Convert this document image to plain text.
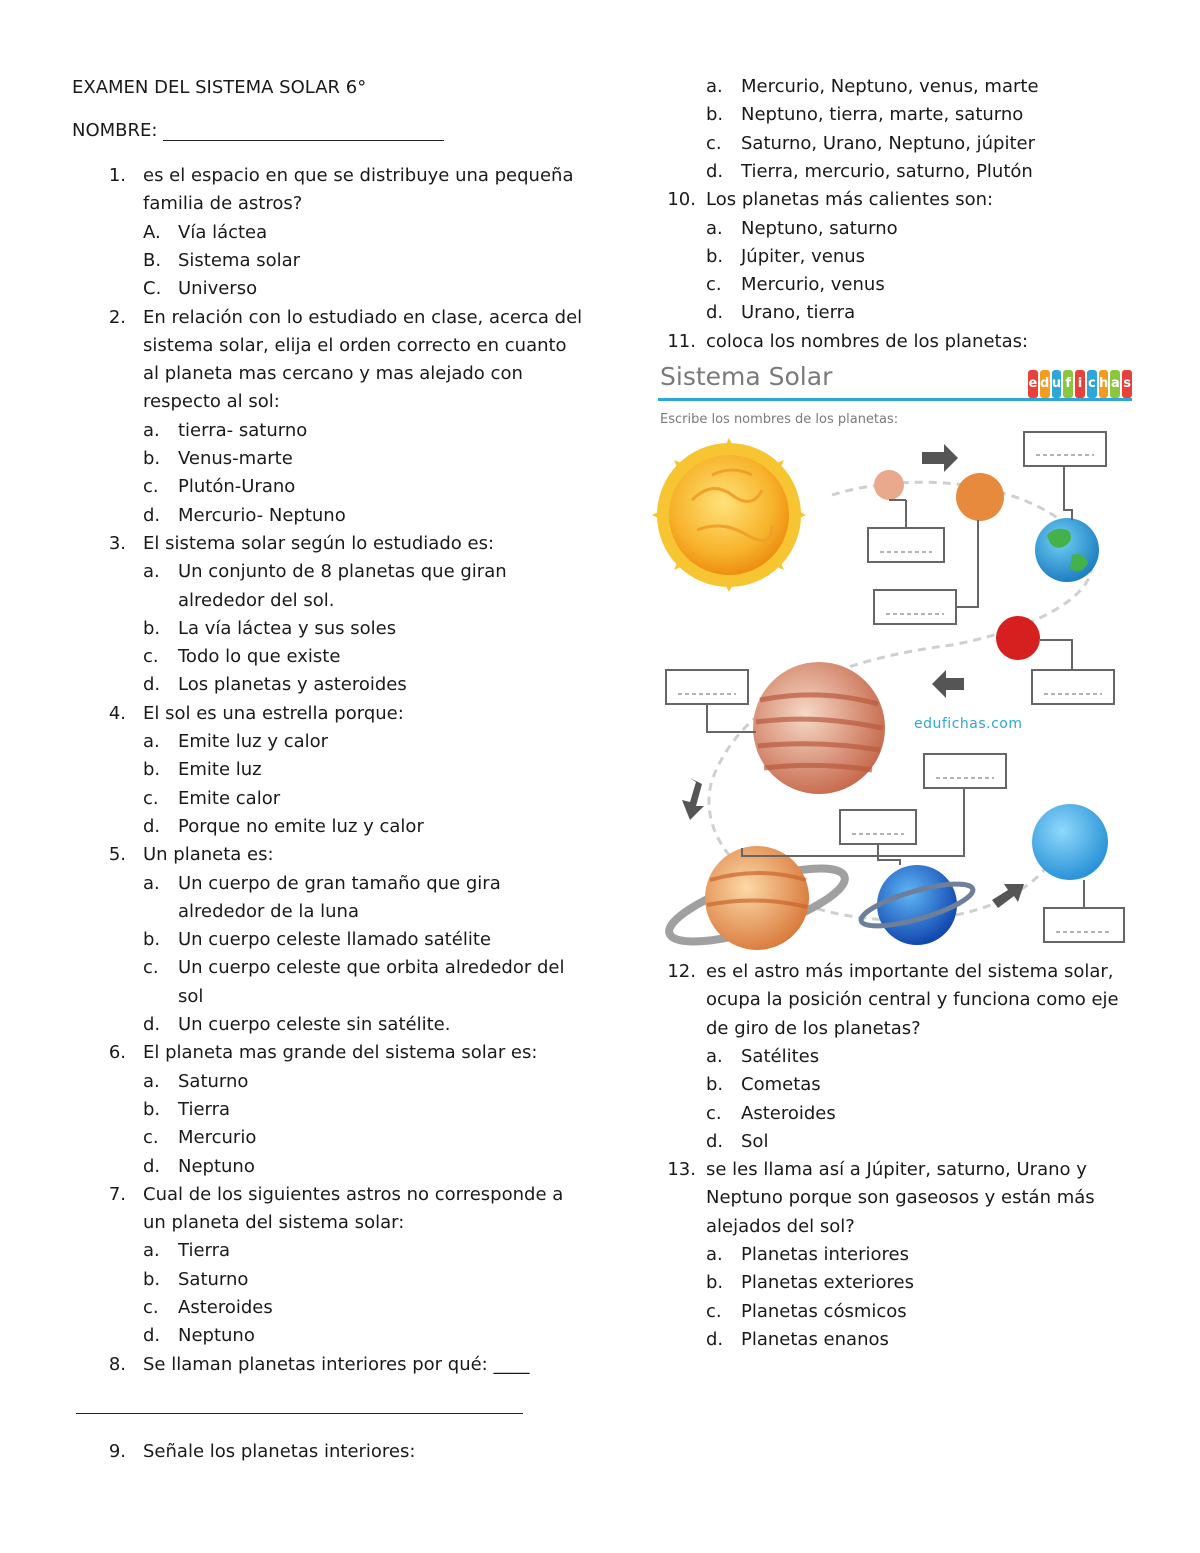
Sistema Solar	e d u f i c h a s
Escribe los nombres de los planetas:
edufichas.com
EXAMEN DEL SISTEMA SOLAR 6°
NOMBRE:
1. es el espacio en que se distribuye una pequeña
familia de astros?
A. Vía láctea
B. Sistema solar
C. Universo
2. En relación con lo estudiado en clase, acerca del
sistema solar, elija el orden correcto en cuanto
al planeta mas cercano y mas alejado con
respecto al sol:
a.	tierra- saturno
b. Venus-marte
c.	Plutón-Urano
d. Mercurio- Neptuno
3. El sistema solar según lo estudiado es:
a.	Un conjunto de 8 planetas que giran
alrededor del sol.
b. La vía láctea y sus soles
c.	Todo lo que existe
d. Los planetas y asteroides
4. El sol es una estrella porque:
a.	Emite luz y calor
b. Emite luz
c.	Emite calor
d. Porque no emite luz y calor
5. Un planeta es:
a.	Un cuerpo de gran tamaño que gira
alrededor de la luna
b. Un cuerpo celeste llamado satélite
c.	Un cuerpo celeste que orbita alrededor del
sol
d. Un cuerpo celeste sin satélite.
6. El planeta mas grande del sistema solar es:
a.	Saturno
b. Tierra
c.	Mercurio
d. Neptuno
7. Cual de los siguientes astros no corresponde a
un planeta del sistema solar:
a.	Tierra
b. Saturno
c.	Asteroides
d. Neptuno
8. Se llaman planetas interiores por qué: ____
9. Señale los planetas interiores:
a.	Mercurio, Neptuno, venus, marte
b. Neptuno, tierra, marte, saturno
c.	Saturno, Urano, Neptuno, júpiter
d. Tierra, mercurio, saturno, Plutón
10. Los planetas más calientes son:
a.	Neptuno, saturno
b. Júpiter, venus
c.	Mercurio, venus
d. Urano, tierra
11. coloca los nombres de los planetas:
12. es el astro más importante del sistema solar,
ocupa la posición central y funciona como eje
de giro de los planetas?
a.	Satélites
b. Cometas
c.	Asteroides
d. Sol
13. se les llama así a Júpiter, saturno, Urano y
Neptuno porque son gaseosos y están más
alejados del sol?
a.	Planetas interiores
b. Planetas exteriores
c.	Planetas cósmicos
d. Planetas enanos
